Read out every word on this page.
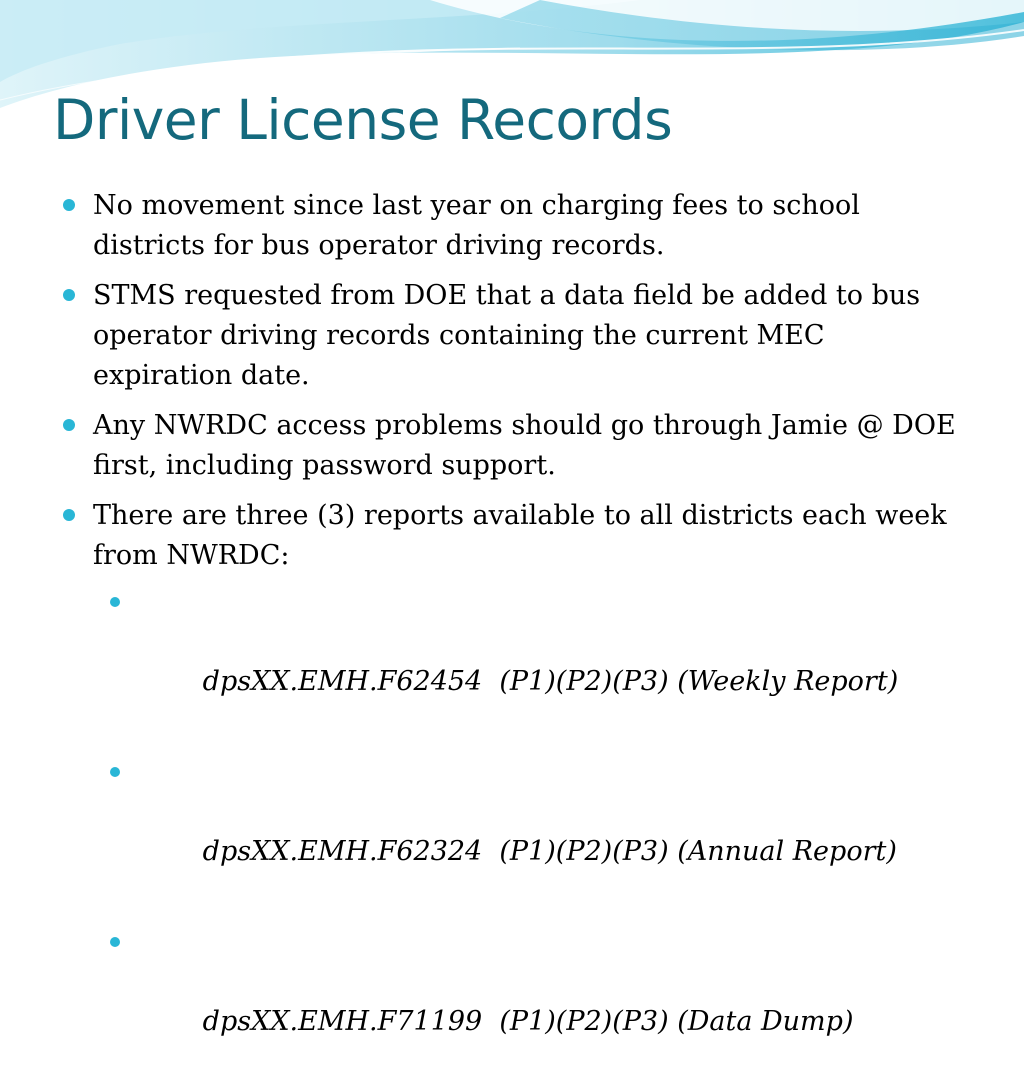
Driver License Records
No movement since last year on charging fees to school districts for bus operator driving records.
STMS requested from DOE that a data field be added to bus operator driving records containing the current MEC expiration date.
Any NWRDC access problems should go through Jamie @ DOE first, including password support.
There are three (3) reports available to all districts each week from NWRDC:

dpsXX.EMH.F62454  (P1)(P2)(P3) (Weekly Report)

dpsXX.EMH.F62324  (P1)(P2)(P3) (Annual Report)

dpsXX.EMH.F71199  (P1)(P2)(P3) (Data Dump)
